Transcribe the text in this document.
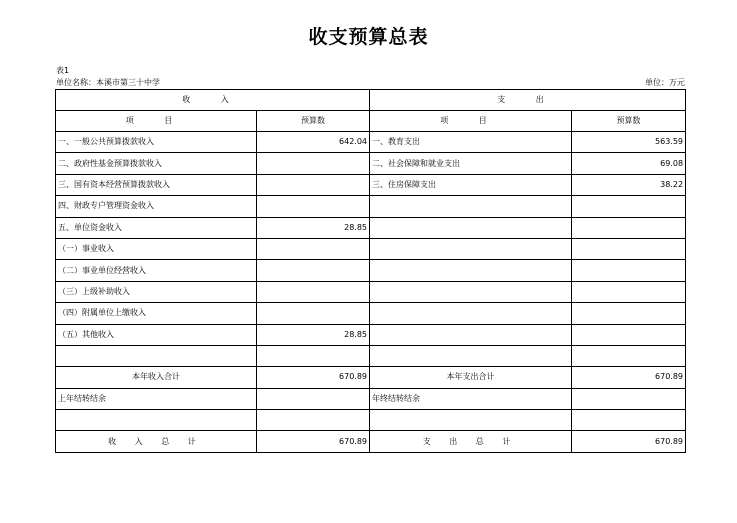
收支预算总表
表1
单位名称：本溪市第三十中学	单位：万元
收 入		支 出	
项 目	预算数	项 目	预算数
一、一般公共预算拨款收入	642.04	一、教育支出	563.59
二、政府性基金预算拨款收入		二、社会保障和就业支出	69.08
三、国有资本经营预算拨款收入		三、住房保障支出	38.22
四、财政专户管理资金收入			
五、单位资金收入	28.85		
（一）事业收入			
（二）事业单位经营收入			
（三）上级补助收入			
（四）附属单位上缴收入			
（五）其他收入	28.85		

本年收入合计	670.89	本年支出合计	670.89
上年结转结余		年终结转结余	

收 入 总 计	670.89	支 出 总 计	670.89
